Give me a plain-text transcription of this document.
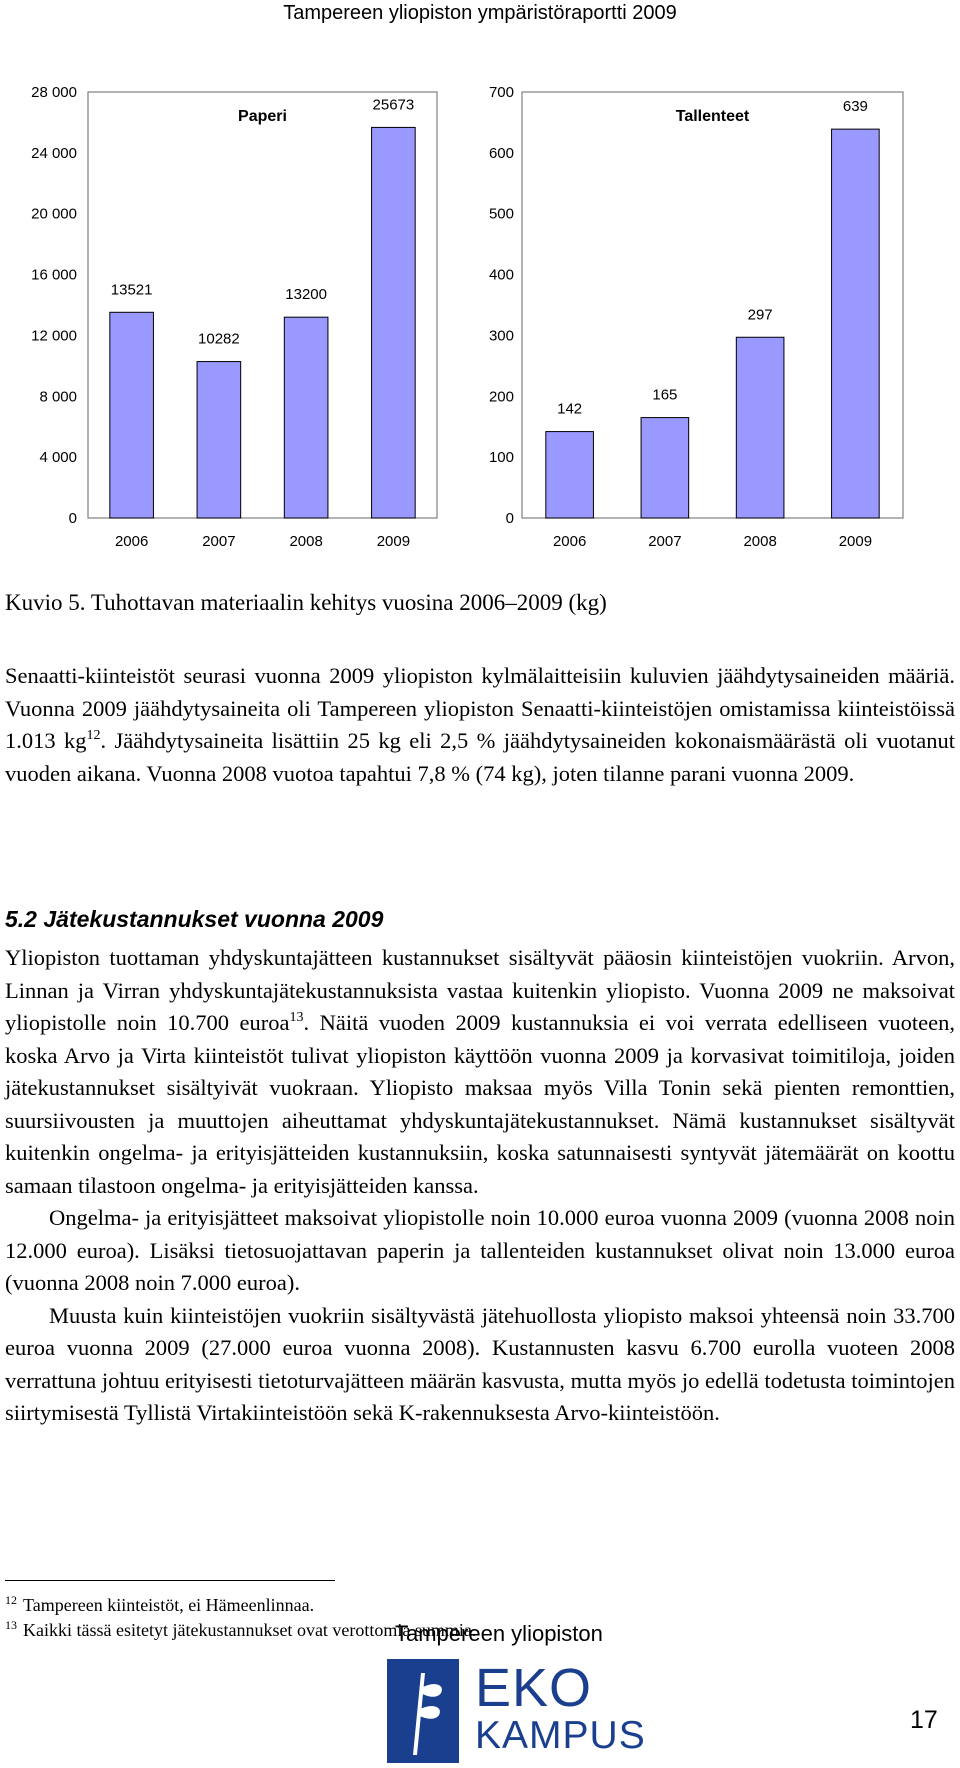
Tampereen yliopiston ympäristöraportti 2009
Paperi
0
4 000
8 000
12 000
16 000
20 000
24 000
28 000
13521
2006
10282
2007
13200
2008
25673
2009
Tallenteet
0
100
200
300
400
500
600
700
142
2006
165
2007
297
2008
639
2009
Kuvio 5. Tuhottavan materiaalin kehitys vuosina 2006–2009 (kg)

Senaatti-kiinteistöt seurasi vuonna 2009 yliopiston kylmälaitteisiin kuluvien jäähdytysaineiden määriä. Vuonna 2009 jäähdytysaineita oli Tampereen yliopiston Senaatti-kiinteistöjen omistamissa kiinteistöissä 1.013 $kg^{12}$. Jäähdytysaineita lisättiin 25 kg eli 2,5 % jäähdytysaineiden kokonaismäärästä oli vuotanut vuoden aikana. Vuonna 2008 vuotoa tapahtui 7,8 % (74 kg), joten tilanne parani vuonna 2009.

5.2 Jätekustannukset vuonna 2009

Yliopiston tuottaman yhdyskuntajätteen kustannukset sisältyvät pääosin kiinteistöjen vuokriin. Arvon, Linnan ja Virran yhdyskuntajätekustannuksista vastaa kuitenkin yliopisto. Vuonna 2009 ne maksoivat yliopistolle noin 10.700 euroa$^{13}$. Näitä vuoden 2009 kustannuksia ei voi verrata edelliseen vuoteen, koska Arvo ja Virta kiinteistöt tulivat yliopiston käyttöön vuonna 2009 ja korvasivat toimitiloja, joiden jätekustannukset sisältyivät vuokraan. Yliopisto maksaa myös Villa Tonin sekä pienten remonttien, suursiivousten ja muuttojen aiheuttamat yhdyskuntajätekustannukset. Nämä kustannukset sisältyvät kuitenkin ongelma- ja erityisjätteiden kustannuksiin, koska satunnaisesti syntyvät jätemäärät on koottu samaan tilastoon ongelma- ja erityisjätteiden kanssa.

Ongelma- ja erityisjätteet maksoivat yliopistolle noin 10.000 euroa vuonna 2009 (vuonna 2008 noin 12.000 euroa). Lisäksi tietosuojattavan paperin ja tallenteiden kustannukset olivat noin 13.000 euroa (vuonna 2008 noin 7.000 euroa).

Muusta kuin kiinteistöjen vuokriin sisältyvästä jätehuollosta yliopisto maksoi yhteensä noin 33.700 euroa vuonna 2009 (27.000 euroa vuonna 2008). Kustannusten kasvu 6.700 eurolla vuoteen 2008 verrattuna johtuu erityisesti tietoturvajätteen määrän kasvusta, mutta myös jo edellä todetusta toimintojen siirtymisestä Tyllistä Virtakiinteistöön sekä K-rakennuksesta Arvo-kiinteistöön.

$^{12}$ Tampereen kiinteistöt, ei Hämeenlinnaa.
$^{13}$ Kaikki tässä esitetyt jätekustannukset ovat verottomia summia.
Tampereen yliopiston
EKO
KAMPUS	17
